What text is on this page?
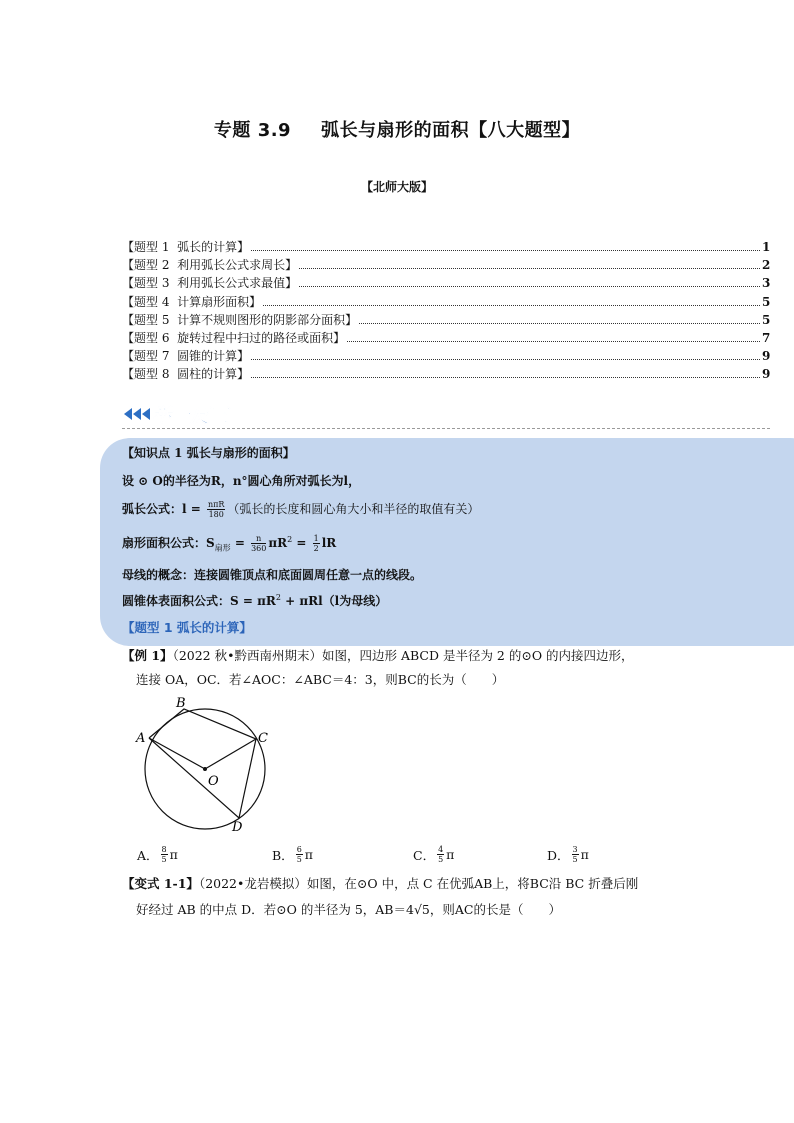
专题 3.9 弧长与扇形的面积【八大题型】
【北师大版】
【题型 1  弧长的计算】	1
【题型 2  利用弧长公式求周长】	2
【题型 3  利用弧长公式求最值】	3
【题型 4  计算扇形面积】	5
【题型 5  计算不规则图形的阴影部分面积】	5
【题型 6  旋转过程中扫过的路径或面积】	7
【题型 7  圆锥的计算】	9
【题型 8  圆柱的计算】	9
举一反三
【知识点 1 弧长与扇形的面积】
设 ⊙ O的半径为R，n°圆心角所对弧长为l，
弧长公式：$l = \frac{\text{nπR}}{180}$ （弧长的长度和圆心角大小和半径的取值有关）
扇形面积公式：$S_{扇形} = \frac{n}{360} \pi R^2 = \frac{1}{2}$ lR
母线的概念：连接圆锥顶点和底面圆周任意一点的线段。
圆锥体表面积公式：$S = \pi R^2 + \pi Rl(l$为母线）
【题型 1 弧长的计算】
【例 1】（2022 秋•黔西南州期末）如图，四边形 ABCD 是半径为 2 的⊙O 的内接四边形，
连接 OA，OC．若∠AOC：∠ABC＝4：3，则BC的长为（　　）
A
B
C
D
O
A． $\frac{8}{5}$ π	B． $\frac{6}{5}$ π	C． $\frac{4}{5}$ π	D． $\frac{3}{5}$ π
【变式 1-1】（2022•龙岩模拟）如图，在⊙O 中，点 C 在优弧AB上，将BC沿 BC 折叠后刚
好经过 AB 的中点 D．若⊙O 的半径为 5，AB＝4√5，则AC的长是（　　）
